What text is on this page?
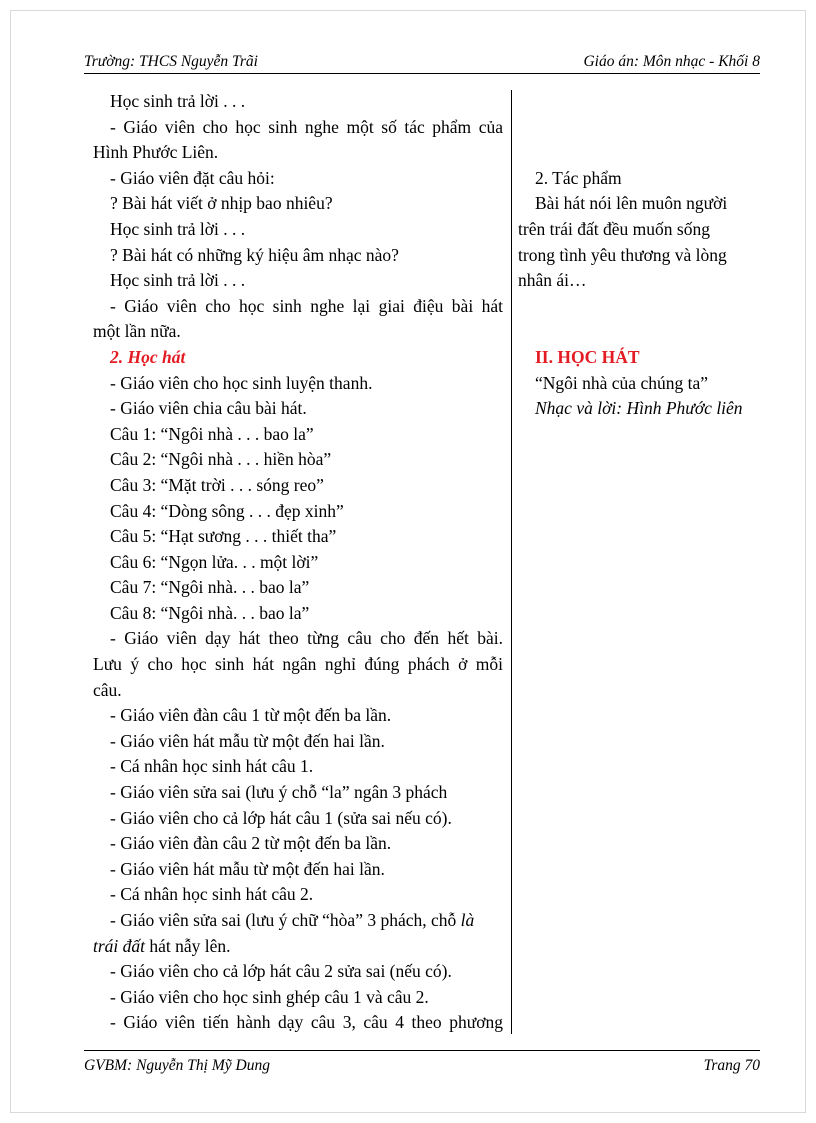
Trường: THCS Nguyễn Trãi	Giáo án: Môn nhạc - Khối 8
Học sinh trả lời . . .
- Giáo viên cho học sinh nghe một số tác phẩm của
Hình Phước Liên.
- Giáo viên đặt câu hỏi:
? Bài hát viết ở nhịp bao nhiêu?
Học sinh trả lời . . .
? Bài hát có những ký hiệu âm nhạc nào?
Học sinh trả lời . . .
- Giáo viên cho học sinh nghe lại giai điệu bài hát
một lần nữa.
2. Học hát
- Giáo viên cho học sinh luyện thanh.
- Giáo viên chia câu bài hát.
Câu 1: “Ngôi nhà . . . bao la”
Câu 2: “Ngôi nhà . . . hiền hòa”
Câu 3: “Mặt trời . . . sóng reo”
Câu 4: “Dòng sông . . . đẹp xinh”
Câu 5: “Hạt sương . . . thiết tha”
Câu 6: “Ngọn lửa. . . một lời”
Câu 7: “Ngôi nhà. . . bao la”
Câu 8: “Ngôi nhà. . . bao la”
- Giáo viên dạy hát theo từng câu cho đến hết bài.
Lưu ý cho học sinh hát ngân nghỉ đúng phách ở mỗi
câu.
- Giáo viên đàn câu 1 từ một đến ba lần.
- Giáo viên hát mẫu từ một đến hai lần.
- Cá nhân học sinh hát câu 1.
- Giáo viên sửa sai (lưu ý chỗ “la” ngân 3 phách
- Giáo viên cho cả lớp hát câu 1 (sửa sai nếu có).
- Giáo viên đàn câu 2 từ một đến ba lần.
- Giáo viên hát mẫu từ một đến hai lần.
- Cá nhân học sinh hát câu 2.
- Giáo viên sửa sai (lưu ý chữ “hòa” 3 phách, chỗ là
trái đất hát nẫy lên.
- Giáo viên cho cả lớp hát câu 2 sửa sai (nếu có).
- Giáo viên cho học sinh ghép câu 1 và câu 2.
- Giáo viên tiến hành dạy câu 3, câu 4 theo phương
2. Tác phẩm
Bài hát nói lên muôn người
trên trái đất đều muốn sống
trong tình yêu thương và lòng
nhân ái…
II. HỌC HÁT
“Ngôi nhà của chúng ta”
Nhạc và lời: Hình Phước liên
GVBM: Nguyễn Thị Mỹ Dung	Trang 70
